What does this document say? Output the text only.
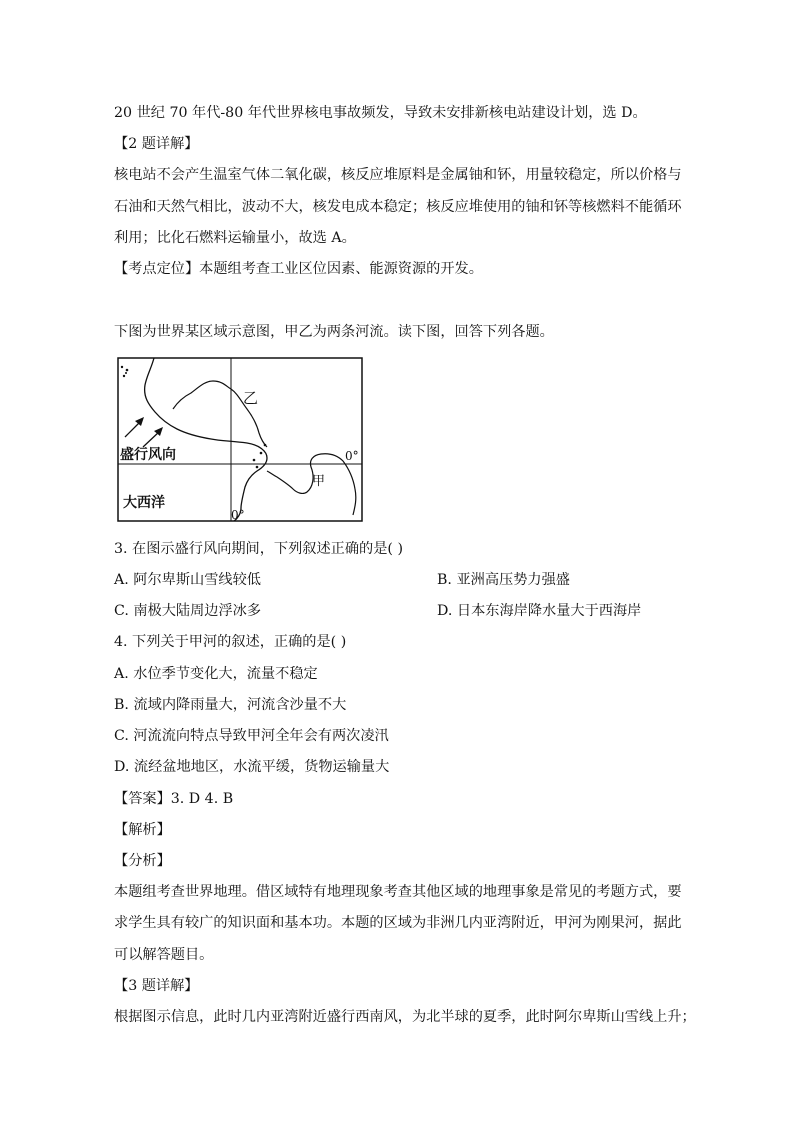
20 世纪 70 年代-80 年代世界核电事故频发，导致未安排新核电站建设计划，选 D。
【2 题详解】
核电站不会产生温室气体二氧化碳，核反应堆原料是金属铀和钚，用量较稳定，所以价格与
石油和天然气相比，波动不大，核发电成本稳定；核反应堆使用的铀和钚等核燃料不能循环
利用；比化石燃料运输量小，故选 A。
【考点定位】本题组考查工业区位因素、能源资源的开发。
下图为世界某区域示意图，甲乙为两条河流。读下图，回答下列各题。
乙
甲
盛行风向
大西洋
0°
0°
3. 在图示盛行风向期间，下列叙述正确的是( )
A. 阿尔卑斯山雪线较低	B. 亚洲高压势力强盛
C. 南极大陆周边浮冰多	D. 日本东海岸降水量大于西海岸
4. 下列关于甲河的叙述，正确的是( )
A. 水位季节变化大，流量不稳定
B. 流域内降雨量大，河流含沙量不大
C. 河流流向特点导致甲河全年会有两次凌汛
D. 流经盆地地区，水流平缓，货物运输量大
【答案】3. D 4. B
【解析】
【分析】
本题组考查世界地理。借区域特有地理现象考查其他区域的地理事象是常见的考题方式，要
求学生具有较广的知识面和基本功。本题的区域为非洲几内亚湾附近，甲河为刚果河，据此
可以解答题目。
【3 题详解】
根据图示信息，此时几内亚湾附近盛行西南风，为北半球的夏季，此时阿尔卑斯山雪线上升；
